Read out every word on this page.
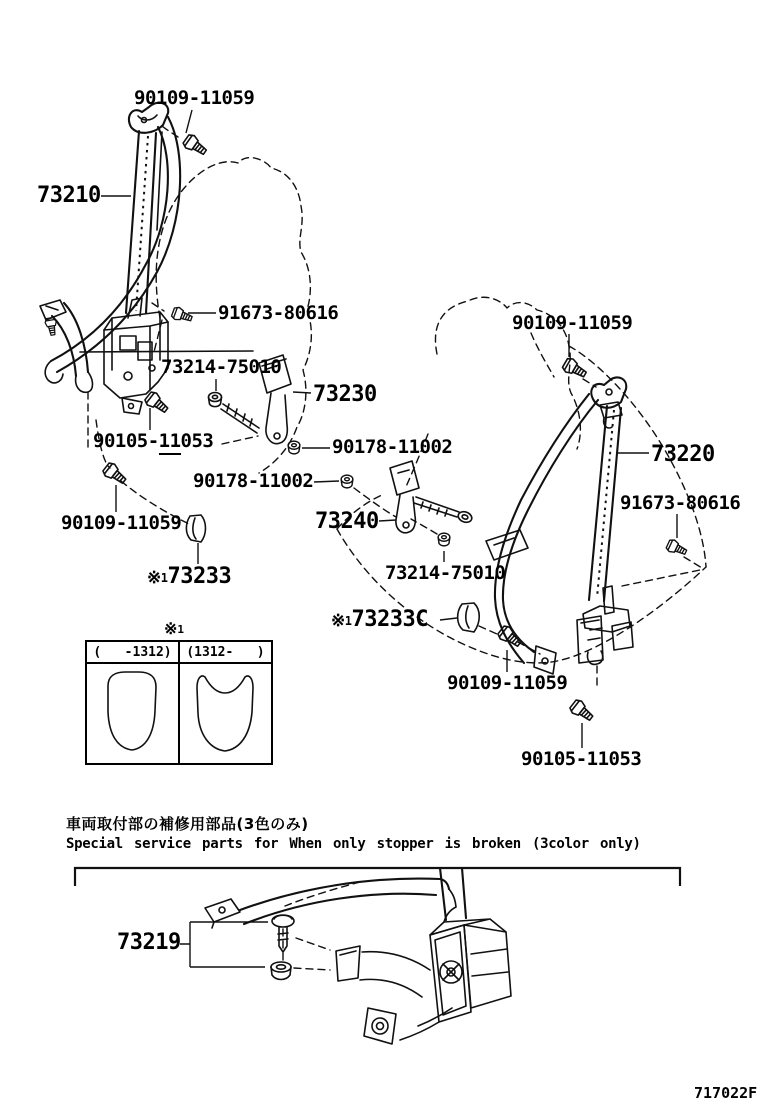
90109-11059
73210
91673-80616
73214-75010
73230
90105-11053	90178-11002
90178-11002
73240
73214-75010
※173233
※173233C
90109-11059
90109-11059
90105-11053
90109-11059
73220
91673-80616
73219
※1
(   -1312)	(1312-   )
車両取付部の補修用部品(3色のみ)
Special service parts for When only stopper is broken (3color only)
717022F
